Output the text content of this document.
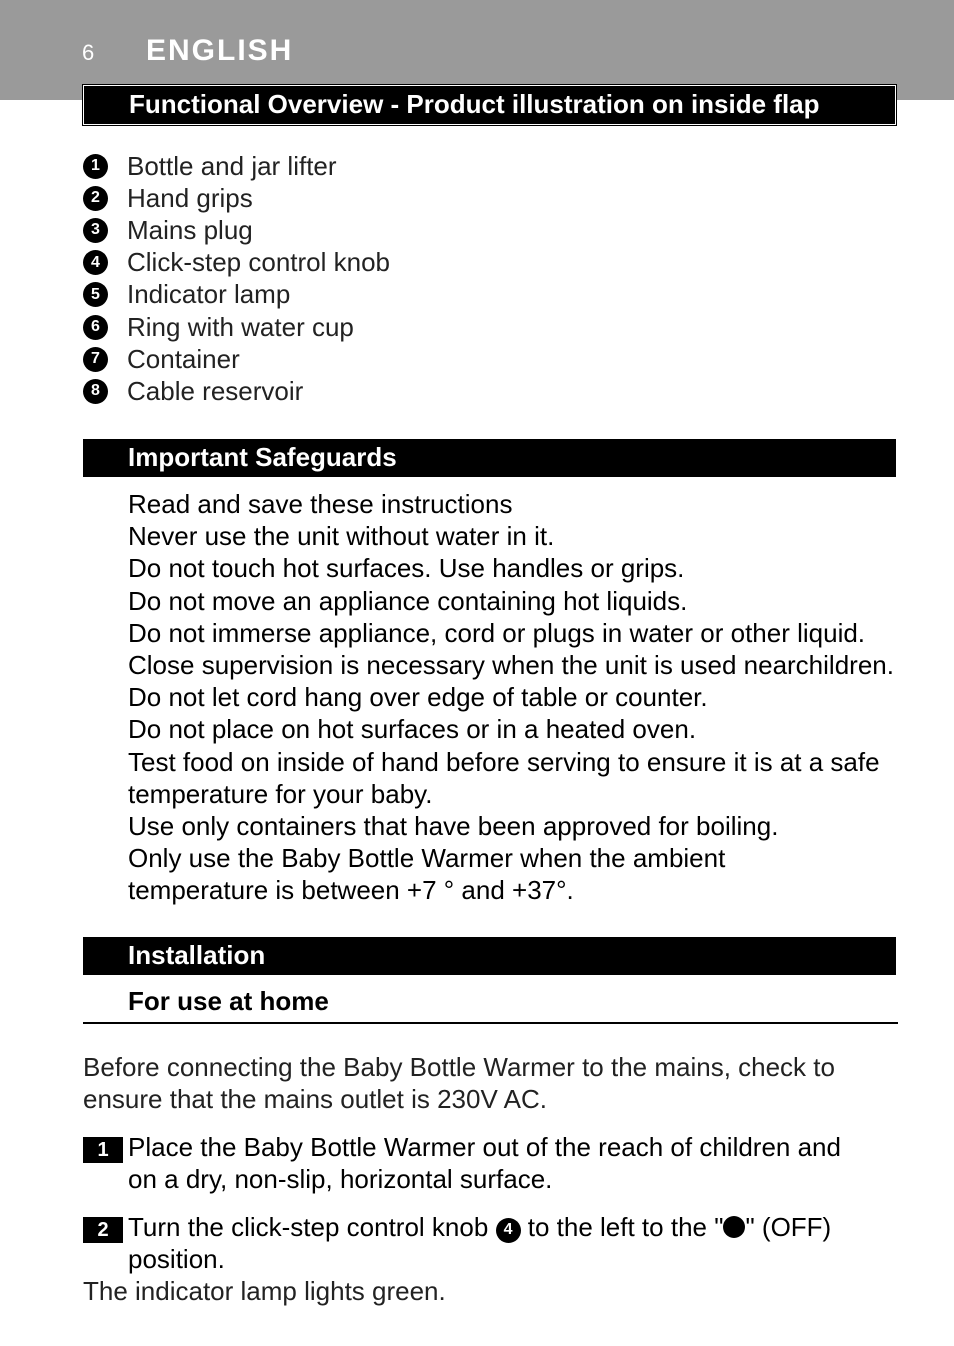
6 ENGLISH
Functional Overview - Product illustration on inside flap
1	Bottle and jar lifter
2	Hand grips
3	Mains plug
4	Click-step control knob
5	Indicator lamp
6	Ring with water cup
7	Container
8	Cable reservoir
Important Safeguards
Read and save these instructions
Never use the unit without water in it.
Do not touch hot surfaces. Use handles or grips.
Do not move an appliance containing hot liquids.
Do not immerse appliance, cord or plugs in water or other liquid.
Close supervision is necessary when the unit is used nearchildren.
Do not let cord hang over edge of table or counter.
Do not place on hot surfaces or in a heated oven.
Test food on inside of hand before serving to ensure it is at a safe
temperature for your baby.
Use only containers that have been approved for boiling.
Only use the Baby Bottle Warmer when the ambient
temperature is between +7 ° and +37°.
Installation
For use at home
Before connecting the Baby Bottle Warmer to the mains, check to
ensure that the mains outlet is 230V AC.
1 Place the Baby Bottle Warmer out of the reach of children and
on a dry, non-slip, horizontal surface.
2 Turn the click-step control knob 4 to the left to the " " (OFF)
position.
The indicator lamp lights green.
